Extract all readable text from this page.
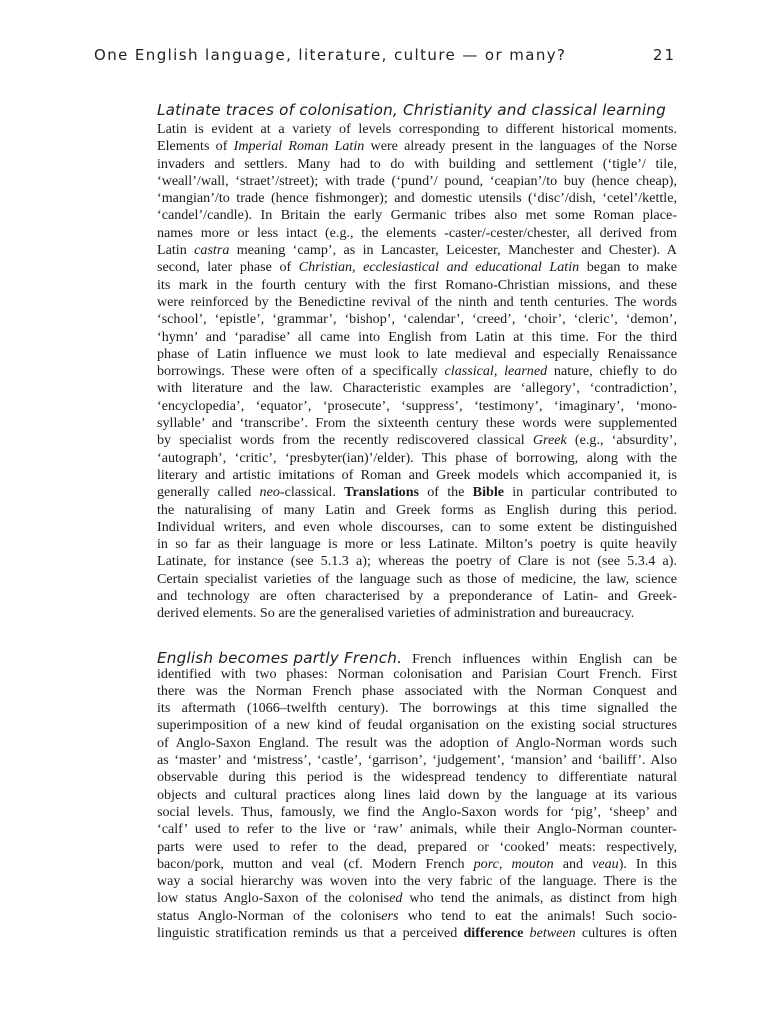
One English language, literature, culture — or many?	21
Latinate traces of colonisation, Christianity and classical learning
Latin is evident at a variety of levels corresponding to different historical moments.
Elements of Imperial Roman Latin were already present in the languages of the Norse
invaders and settlers. Many had to do with building and settlement (‘tigle’/ tile,
‘weall’/wall, ‘straet’/street); with trade (‘pund’/ pound, ‘ceapian’/to buy (hence cheap),
‘mangian’/to trade (hence fishmonger); and domestic utensils (‘disc’/dish, ‘cetel’/kettle,
‘candel’/candle). In Britain the early Germanic tribes also met some Roman place-
names more or less intact (e.g., the elements -caster/-cester/chester, all derived from
Latin castra meaning ‘camp’, as in Lancaster, Leicester, Manchester and Chester). A
second, later phase of Christian, ecclesiastical and educational Latin began to make
its mark in the fourth century with the first Romano-Christian missions, and these
were reinforced by the Benedictine revival of the ninth and tenth centuries. The words
‘school’, ‘epistle’, ‘grammar’, ‘bishop’, ‘calendar’, ‘creed’, ‘choir’, ‘cleric’, ‘demon’,
‘hymn’ and ‘paradise’ all came into English from Latin at this time. For the third
phase of Latin influence we must look to late medieval and especially Renaissance
borrowings. These were often of a specifically classical, learned nature, chiefly to do
with literature and the law. Characteristic examples are ‘allegory’, ‘contradiction’,
‘encyclopedia’, ‘equator’, ‘prosecute’, ‘suppress’, ‘testimony’, ‘imaginary’, ‘mono-
syllable’ and ‘transcribe’. From the sixteenth century these words were supplemented
by specialist words from the recently rediscovered classical Greek (e.g., ‘absurdity’,
‘autograph’, ‘critic’, ‘presbyter(ian)’/elder). This phase of borrowing, along with the
literary and artistic imitations of Roman and Greek models which accompanied it, is
generally called neo-classical. Translations of the Bible in particular contributed to
the naturalising of many Latin and Greek forms as English during this period.
Individual writers, and even whole discourses, can to some extent be distinguished
in so far as their language is more or less Latinate. Milton’s poetry is quite heavily
Latinate, for instance (see 5.1.3 a); whereas the poetry of Clare is not (see 5.3.4 a).
Certain specialist varieties of the language such as those of medicine, the law, science
and technology are often characterised by a preponderance of Latin- and Greek-
derived elements. So are the generalised varieties of administration and bureaucracy.
English becomes partly French. French influences within English can be
identified with two phases: Norman colonisation and Parisian Court French. First
there was the Norman French phase associated with the Norman Conquest and
its aftermath (1066–twelfth century). The borrowings at this time signalled the
superimposition of a new kind of feudal organisation on the existing social structures
of Anglo-Saxon England. The result was the adoption of Anglo-Norman words such
as ‘master’ and ‘mistress’, ‘castle’, ‘garrison’, ‘judgement’, ‘mansion’ and ‘bailiff’. Also
observable during this period is the widespread tendency to differentiate natural
objects and cultural practices along lines laid down by the language at its various
social levels. Thus, famously, we find the Anglo-Saxon words for ‘pig’, ‘sheep’ and
‘calf’ used to refer to the live or ‘raw’ animals, while their Anglo-Norman counter-
parts were used to refer to the dead, prepared or ‘cooked’ meats: respectively,
bacon/pork, mutton and veal (cf. Modern French porc, mouton and veau). In this
way a social hierarchy was woven into the very fabric of the language. There is the
low status Anglo-Saxon of the colonised who tend the animals, as distinct from high
status Anglo-Norman of the colonisers who tend to eat the animals! Such socio-
linguistic stratification reminds us that a perceived difference between cultures is often
